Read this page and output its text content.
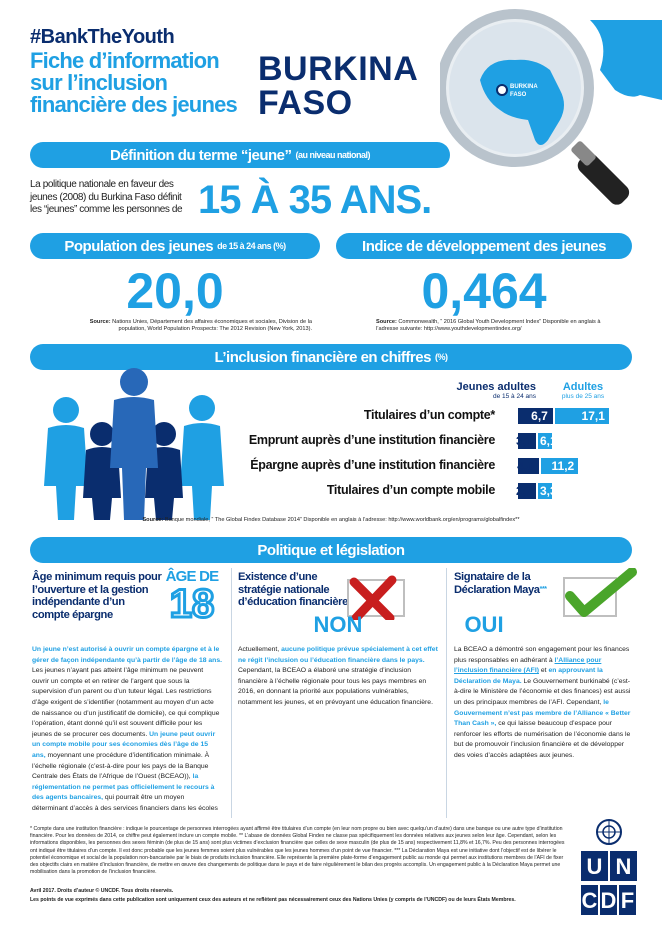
#BankTheYouth
Fiche d’information
sur l’inclusion
financière des jeunes
BURKINA
FASO	BURKINA
FASO
Définition du terme “jeune” (au niveau national)
La politique nationale en faveur des jeunes (2008) du Burkina Faso définit les “jeunes” comme les personnes de 15 À 35 ANS.
Population des jeunes de 15 à 24 ans (%)	Indice de développement des jeunes
20,0	0,464
Source: Nations Unies, Département des affaires économiques et sociales, Division de la population, World Population Prospects: The 2012 Revision (New York, 2013).
Source: Commonwealth, “ 2016 Global Youth Development Index” Disponible en anglais à l’adresse suivante: http://www.youthdevelopmentindex.org/
L’inclusion financière en chiffres (%)
Jeunes adultes
de 15 à 24 ans
Adultes
plus de 25 ans
Titulaires d’un compte*	6,7	17,1
Emprunt auprès d’une institution financière 3,1 6,1
Épargne auprès d’une institution financière 4,0	11,2
Titulaires d’un compte mobile 2,7 3,3
Source: Banque mondiale, “ The Global Findex Database 2014” Disponible en anglais à l’adresse: http://www.worldbank.org/en/programs/globalfindex**
Politique et législation
Âge minimum requis pour l’ouverture et la gestion indépendante d’un compte épargne
ÂGE DE
18
Un jeune n’est autorisé à ouvrir un compte épargne et à le gérer de façon indépendante qu’à partir de l’âge de 18 ans. Les jeunes n’ayant pas atteint l’âge minimum ne peuvent ouvrir un compte et en retirer de l’argent que sous la supervision d’un parent ou d’un tuteur légal. Les restrictions d’âge exigent de s’identifier (notamment au moyen d’un acte de naissance ou d’un justificatif de domicile), ce qui complique l’opération, étant donné qu’il est souvent difficile pour les jeunes de se procurer ces documents. Un jeune peut ouvrir un compte mobile pour ses économies dès l’âge de 15 ans, moyennant une procédure d’identification minimale. À l’échelle régionale (c’est-à-dire pour les pays de la Banque Centrale des États de l’Afrique de l’Ouest (BCEAO)), la réglementation ne permet pas officiellement le recours à des agents bancaires, qui pourrait être un moyen déterminant d’accès à des services financiers dans les écoles
Existence d’une stratégie nationale d’éducation financière
NON
Actuellement, aucune politique prévue spécialement à cet effet ne régit l’inclusion ou l’éducation financière dans le pays. Cependant, la BCEAO a élaboré une stratégie d’inclusion financière à l’échelle régionale pour tous les pays membres en 2016, en donnant la priorité aux populations vulnérables, notamment les jeunes, et en prévoyant une éducation financière.
Signataire de la Déclaration Maya***
OUI
La BCEAO a démontré son engagement pour les finances plus responsables en adhérant à l’Alliance pour l’inclusion financière (AFI) et en approuvant la Déclaration de Maya. Le Gouvernement burkinabé (c’est-à-dire le Ministère de l’économie et des finances) est aussi un des principaux membres de l’AFI. Cependant, le Gouvernement n’est pas membre de l’Alliance « Better Than Cash », ce qui laisse beaucoup d’espace pour renforcer les efforts de numérisation de l’économie dans le but de promouvoir l’inclusion financière et de développer des voies d’accès adaptées aux jeunes.
* Compte dans une institution financière : indique le pourcentage de personnes interrogées ayant affirmé être titulaires d’un compte (en leur nom propre ou bien avec quelqu’un d’autre) dans une banque ou une autre type d’institution financière. Pour les données de 2014, ce chiffre peut également inclure un compte mobile. ** L’abase de données Global Findex ne classe pas spécifiquement les données relatives aux jeunes selon leur âge. Cependant, selon les informations disponibles, les personnes des sexes féminin (de plus de 15 ans) sont plus victimes d’exclusion financière que celles de sexe masculin (de plus de 15 ans) respectivement 11,8% et 16,7%. Peu des personnes interrogées ont indiqué être titulaires d’un compte. Il est donc probable que les jeunes femmes soient plus vulnérables que les jeunes hommes d’un point de vue financier. *** La Déclaration Maya est une initiative dont l’objectif est de libérer le potentiel économique et social de la population non-bancarisée par le biais de produits inclusion financière. Elle représente la première plate-forme d’engagement public au monde qui permet aux institutions membres de l’AFI de fixer des objectifs clairs en matière d’inclusion financière, de mettre en œuvre des changements de politique dans le pays et de faire régulièrement le bilan des progrès accomplis. Un engagement public à la Déclaration Maya permet une mobilisation dans la promotion de l’inclusion financière.
Avril 2017. Droits d’auteur © UNCDF. Tous droits réservés.
Les points de vue exprimés dans cette publication sont uniquement ceux des auteurs et ne reflètent pas nécessairement ceux des Nations Unies (y compris de l’UNCDF) ou de leurs États Membres.
U N
C D F
